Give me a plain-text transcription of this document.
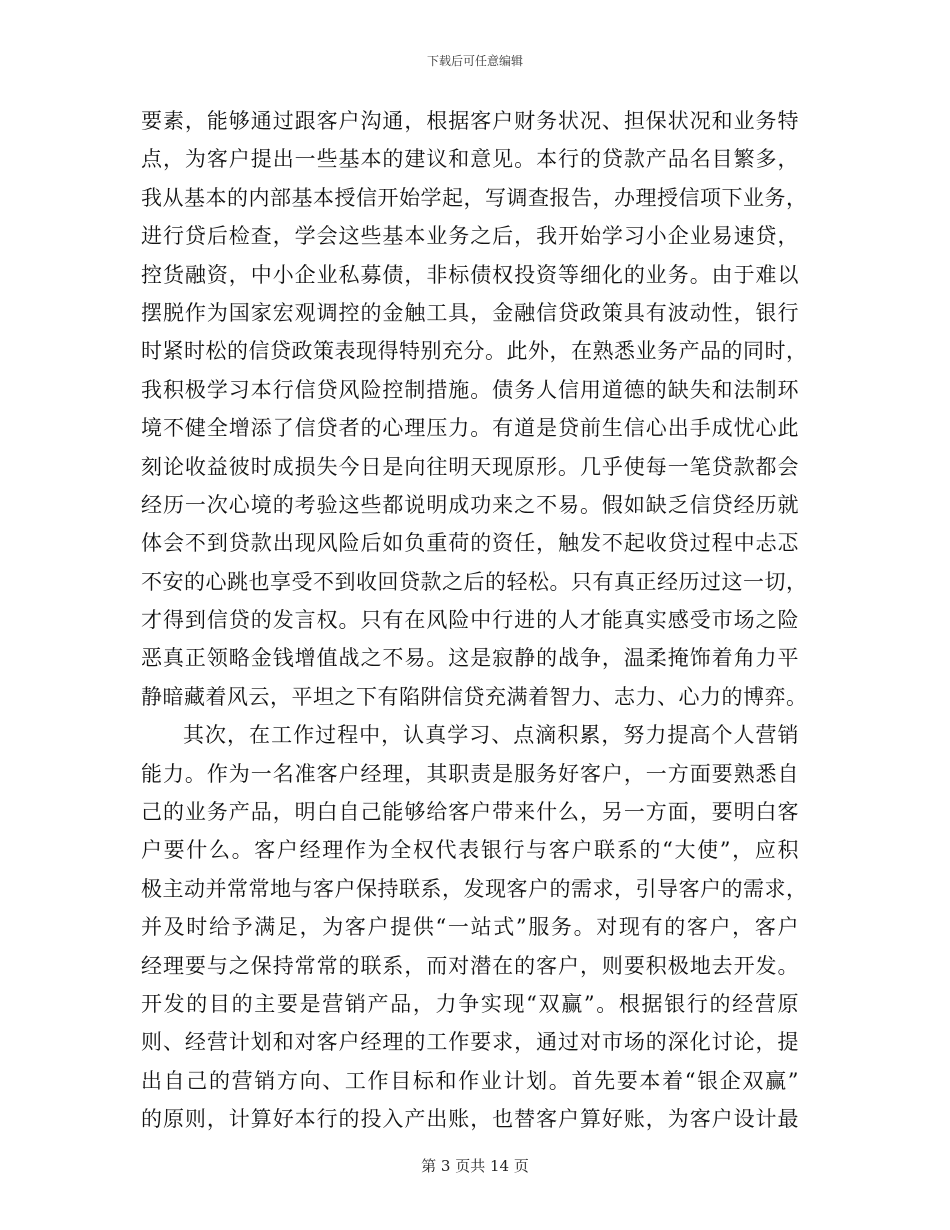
下载后可任意编辑
要素，能够通过跟客户沟通，根据客户财务状况、担保状况和业务特
点，为客户提出一些基本的建议和意见。本行的贷款产品名目繁多，
我从基本的内部基本授信开始学起，写调查报告，办理授信项下业务，
进行贷后检查，学会这些基本业务之后，我开始学习小企业易速贷，
控货融资，中小企业私募债，非标债权投资等细化的业务。由于难以
摆脱作为国家宏观调控的金触工具，金融信贷政策具有波动性，银行
时紧时松的信贷政策表现得特别充分。此外，在熟悉业务产品的同时，
我积极学习本行信贷风险控制措施。债务人信用道德的缺失和法制环
境不健全增添了信贷者的心理压力。有道是贷前生信心出手成忧心此
刻论收益彼时成损失今日是向往明天现原形。几乎使每一笔贷款都会
经历一次心境的考验这些都说明成功来之不易。假如缺乏信贷经历就
体会不到贷款出现风险后如负重荷的资任，触发不起收贷过程中忐忑
不安的心跳也享受不到收回贷款之后的轻松。只有真正经历过这一切，
才得到信贷的发言权。只有在风险中行进的人才能真实感受市场之险
恶真正领略金钱增值战之不易。这是寂静的战争，温柔掩饰着角力平
静暗藏着风云，平坦之下有陷阱信贷充满着智力、志力、心力的博弈。
其次，在工作过程中，认真学习、点滴积累，努力提高个人营销
能力。作为一名准客户经理，其职责是服务好客户，一方面要熟悉自
己的业务产品，明白自己能够给客户带来什么，另一方面，要明白客
户要什么。客户经理作为全权代表银行与客户联系的“大使”，应积
极主动并常常地与客户保持联系，发现客户的需求，引导客户的需求，
并及时给予满足，为客户提供“一站式”服务。对现有的客户，客户
经理要与之保持常常的联系，而对潜在的客户，则要积极地去开发。
开发的目的主要是营销产品，力争实现“双赢”。根据银行的经营原
则、经营计划和对客户经理的工作要求，通过对市场的深化讨论，提
出自己的营销方向、工作目标和作业计划。首先要本着“银企双赢”
的原则，计算好本行的投入产出账，也替客户算好账，为客户设计最
第 3 页共 14 页
